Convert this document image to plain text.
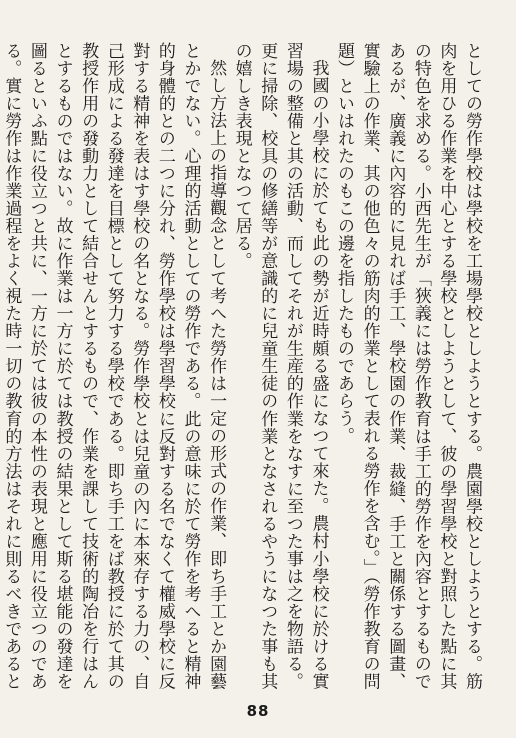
としての勞作學校は學校を工場學校としようとする。農園學校としようとする。筋肉を用ひる作業を中心とする學校としようとして、彼の學習學校と對照した點に其の特色を求める。小西先生が「狹義には勞作教育は手工的勞作を內容とするものであるが、廣義に內容的に見れば手工、學校園の作業、裁縫、手工と關係する圖畫、實驗上の作業、其の他色々の筋肉的作業として表れる勞作を含む。」（勞作教育の問題）といはれたのもこの邊を指したものであらう。

我國の小學校に於ても此の勢が近時頗る盛になつて來た。農村小學校に於ける實習場の整備と其の活動、而してそれが生産的作業をなすに至つた事は之を物語る。更に掃除、校具の修繕等が意識的に兒童生徒の作業となされるやうになつた事も其の嬉しき表現となつて居る。

然し方法上の指導觀念として考へた勞作は一定の形式の作業、即ち手工とか園藝とかでない。心理的活動としての勞作である。此の意味に於て勞作を考へると精神的身體的との二つに分れ、勞作學校は學習學校に反對する名でなくて權威學校に反對する精神を表はす學校の名となる。勞作學校とは兒童の內に本來存する力の、自己形成による發達を目標として努力する學校である。即ち手工をば教授に於て其の教授作用の發動力として結合せんとするもので、作業を課して技術的陶冶を行はんとするものではない。故に作業は一方に於ては教授の結果として斯る堪能の發達を圖るといふ點に役立つと共に、一方に於ては彼の本性の表現と應用に役立つのである。實に勞作は作業過程をよく視た時一切の教育的方法はそれに則るべきであると

88
